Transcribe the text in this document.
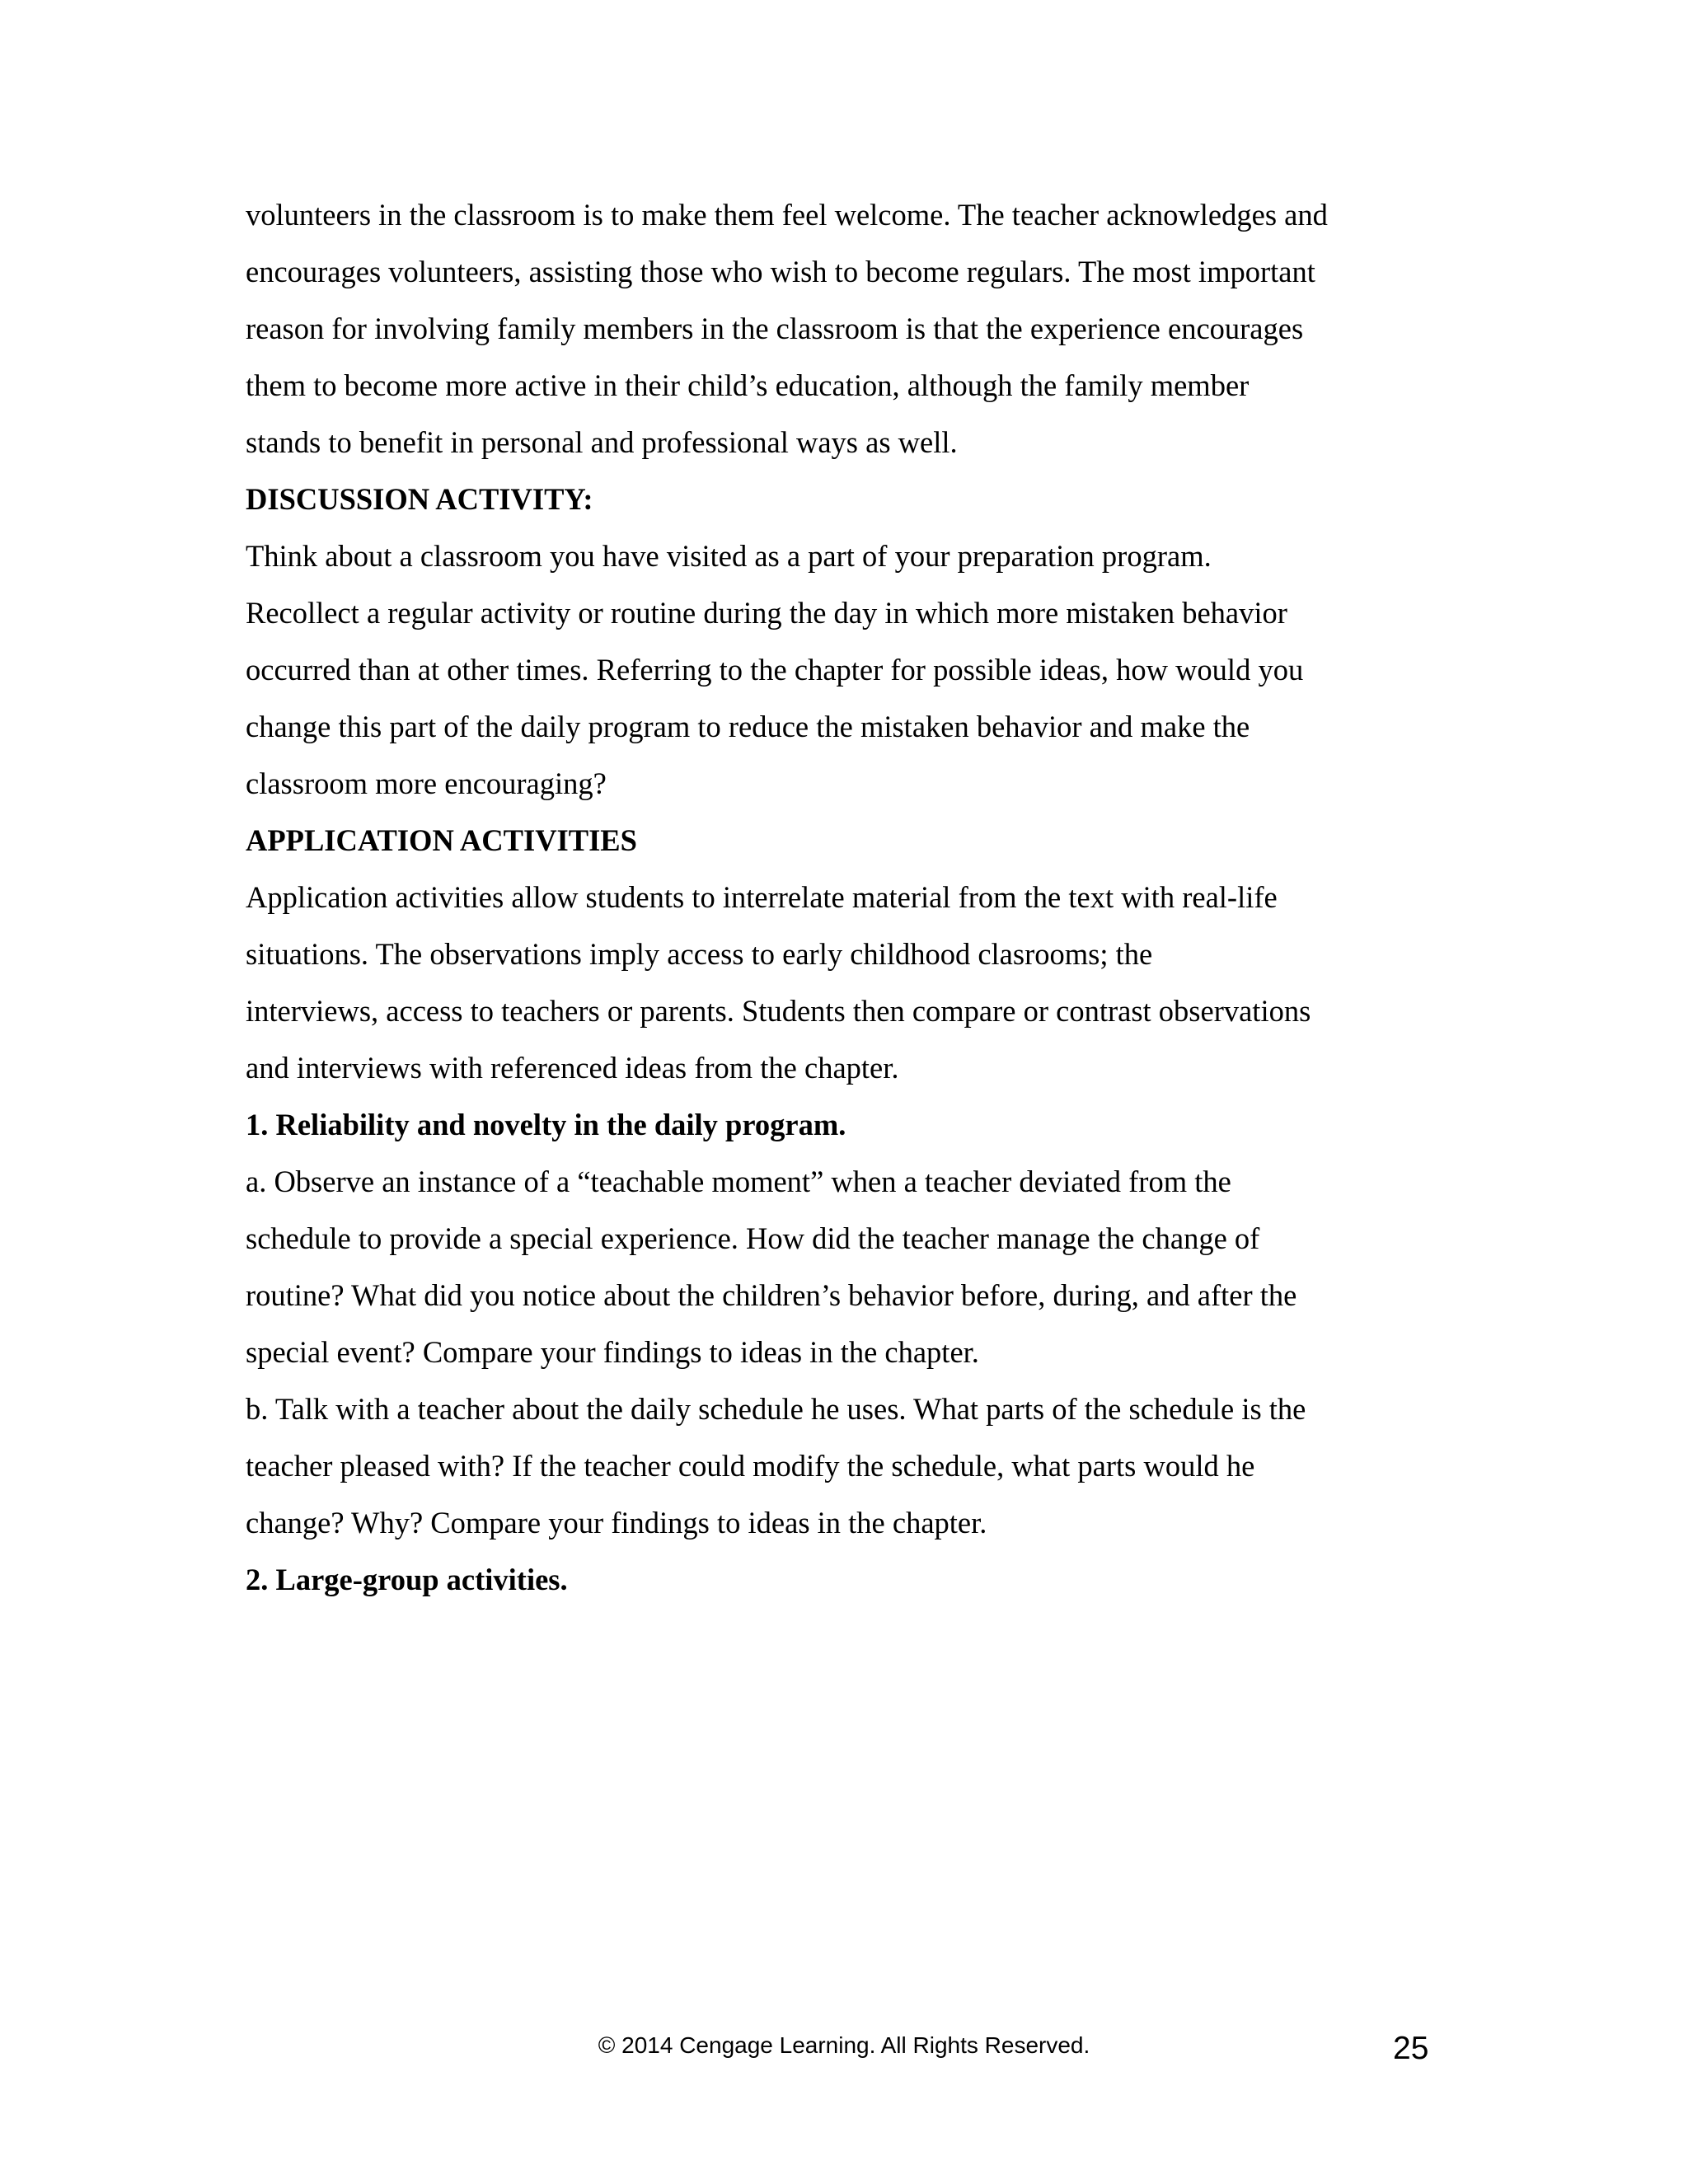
volunteers in the classroom is to make them feel welcome. The teacher acknowledges and
encourages volunteers, assisting those who wish to become regulars. The most important
reason for involving family members in the classroom is that the experience encourages
them to become more active in their child’s education, although the family member
stands to benefit in personal and professional ways as well.

DISCUSSION ACTIVITY:

Think about a classroom you have visited as a part of your preparation program.
Recollect a regular activity or routine during the day in which more mistaken behavior
occurred than at other times. Referring to the chapter for possible ideas, how would you
change this part of the daily program to reduce the mistaken behavior and make the
classroom more encouraging?

APPLICATION ACTIVITIES

Application activities allow students to interrelate material from the text with real-life
situations. The observations imply access to early childhood clasrooms; the
interviews, access to teachers or parents. Students then compare or contrast observations
and interviews with referenced ideas from the chapter.

1. Reliability and novelty in the daily program.

a. Observe an instance of a “teachable moment” when a teacher deviated from the
schedule to provide a special experience. How did the teacher manage the change of
routine? What did you notice about the children’s behavior before, during, and after the
special event? Compare your findings to ideas in the chapter.

b. Talk with a teacher about the daily schedule he uses. What parts of the schedule is the
teacher pleased with? If the teacher could modify the schedule, what parts would he
change? Why? Compare your findings to ideas in the chapter.

2. Large-group activities.

© 2014 Cengage Learning. All Rights Reserved.	25
